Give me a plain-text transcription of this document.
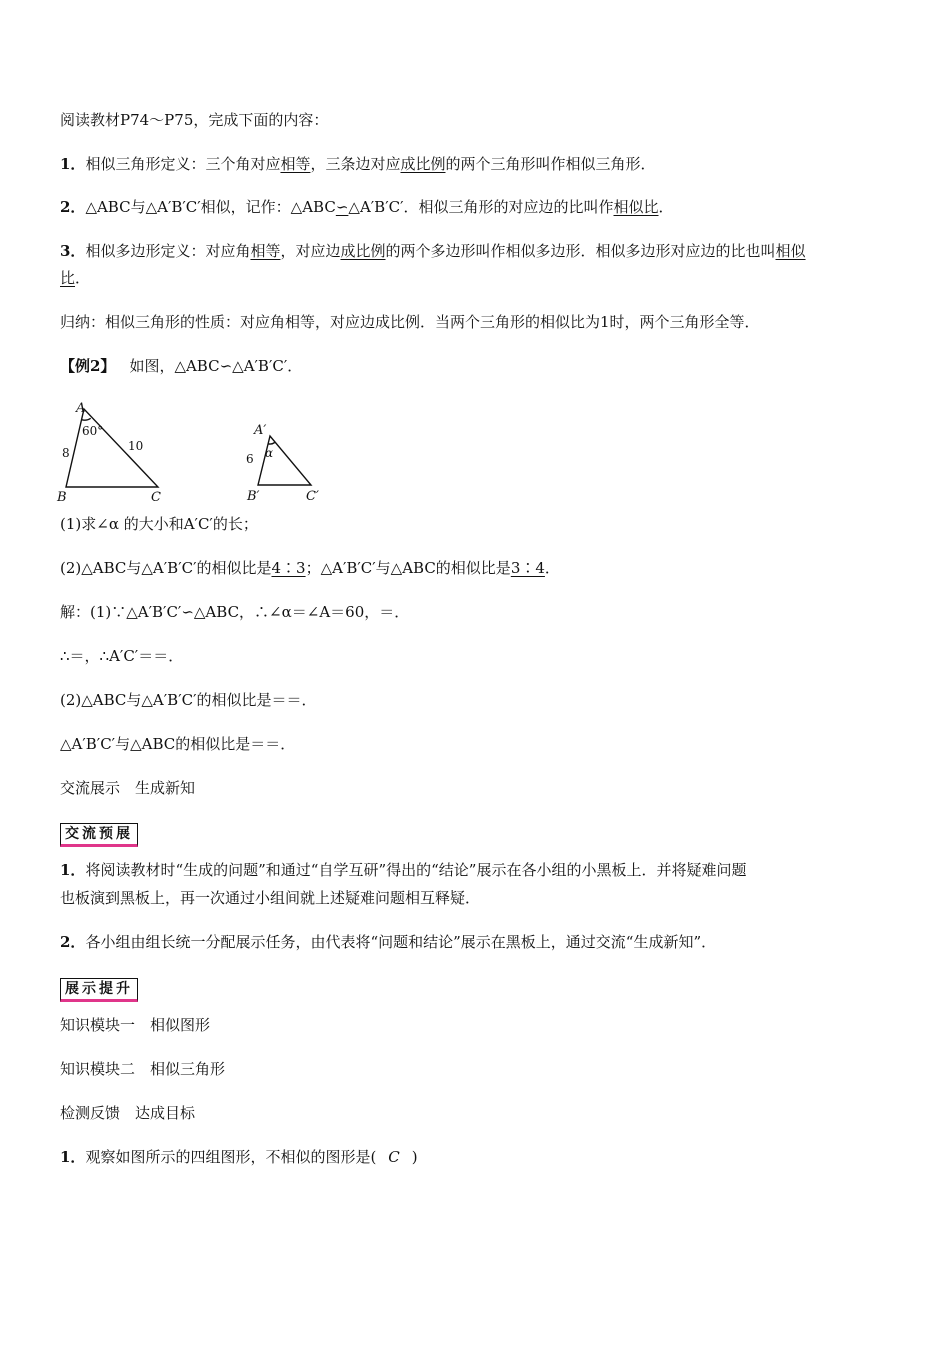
阅读教材P74～P75，完成下面的内容：
1．相似三角形定义：三个角对应相等，三条边对应成比例的两个三角形叫作相似三角形．
2．△ABC与△A′B′C′相似，记作：△ABC∽△A′B′C′．相似三角形的对应边的比叫作相似比．
3．相似多边形定义：对应角相等，对应边成比例的两个多边形叫作相似多边形．相似多边形对应边的比也叫相似
比．
归纳：相似三角形的性质：对应角相等，对应边成比例．当两个三角形的相似比为1时，两个三角形全等．
【例2】 如图，△ABC∽△A′B′C′．
A
B	C
A′
B′	C′
α
60°
8	10
6
(1)求∠α 的大小和A′C′的长；
(2)△ABC与△A′B′C′的相似比是4∶3；△A′B′C′与△ABC的相似比是3∶4．
解：(1)∵△A′B′C′∽△ABC，∴∠α＝∠A＝60，＝．
∴＝，∴A′C′＝＝．
(2)△ABC与△A′B′C′的相似比是＝＝．
△A′B′C′与△ABC的相似比是＝＝．
交流展示　生成新知
交流预展
1．将阅读教材时“生成的问题”和通过“自学互研”得出的“结论”展示在各小组的小黑板上．并将疑难问题
也板演到黑板上，再一次通过小组间就上述疑难问题相互释疑．
2．各小组由组长统一分配展示任务，由代表将“问题和结论”展示在黑板上，通过交流“生成新知”．
展示提升
知识模块一　相似图形
知识模块二　相似三角形
检测反馈　达成目标
1．观察如图所示的四组图形，不相似的图形是( C )
